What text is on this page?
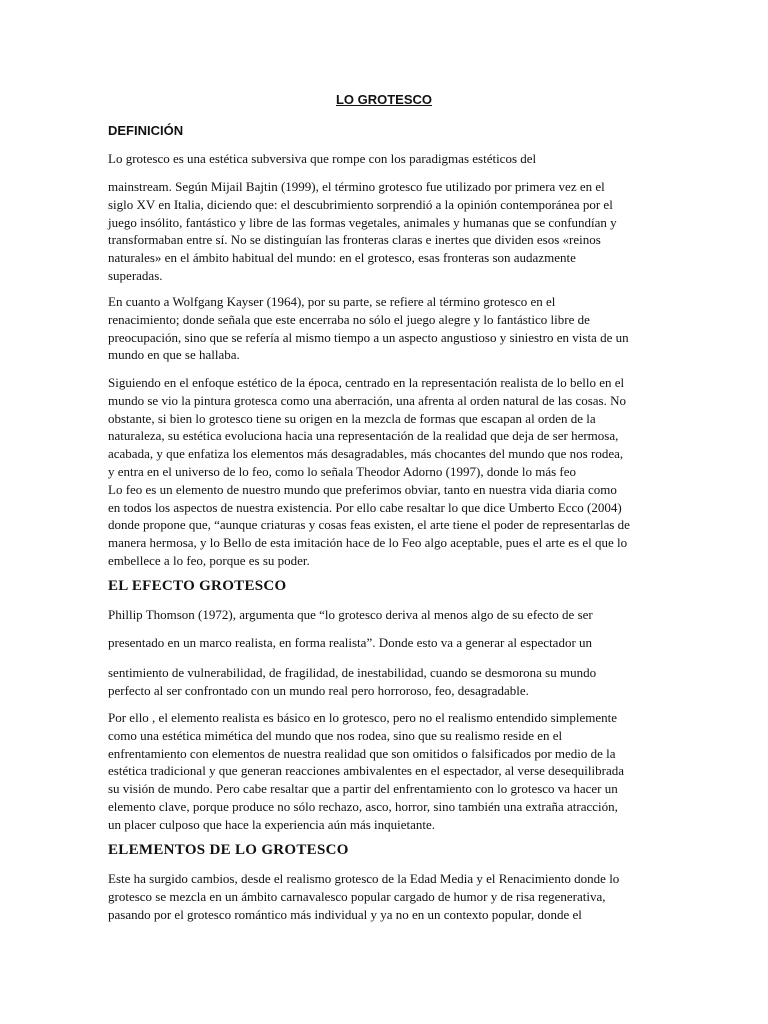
LO GROTESCO
DEFINICIÓN

Lo grotesco es una estética subversiva que rompe con los paradigmas estéticos del

mainstream. Según Mijail Bajtin (1999), el término grotesco fue utilizado por primera vez en el
siglo XV en Italia, diciendo que: el descubrimiento sorprendió a la opinión contemporánea por el
juego insólito, fantástico y libre de las formas vegetales, animales y humanas que se confundían y
transformaban entre sí. No se distinguían las fronteras claras e inertes que dividen esos «reinos
naturales» en el ámbito habitual del mundo: en el grotesco, esas fronteras son audazmente
superadas.

En cuanto a Wolfgang Kayser (1964), por su parte, se refiere al término grotesco en el
renacimiento; donde señala que este encerraba no sólo el juego alegre y lo fantástico libre de
preocupación, sino que se refería al mismo tiempo a un aspecto angustioso y siniestro en vista de un
mundo en que se hallaba.

Siguiendo en el enfoque estético de la época, centrado en la representación realista de lo bello en el
mundo se vio la pintura grotesca como una aberración, una afrenta al orden natural de las cosas. No
obstante, si bien lo grotesco tiene su origen en la mezcla de formas que escapan al orden de la
naturaleza, su estética evoluciona hacia una representación de la realidad que deja de ser hermosa,
acabada, y que enfatiza los elementos más desagradables, más chocantes del mundo que nos rodea,
y entra en el universo de lo feo, como lo señala Theodor Adorno (1997), donde lo más feo
Lo feo es un elemento de nuestro mundo que preferimos obviar, tanto en nuestra vida diaria como
en todos los aspectos de nuestra existencia. Por ello cabe resaltar lo que dice Umberto Ecco (2004)
donde propone que, “aunque criaturas y cosas feas existen, el arte tiene el poder de representarlas de
manera hermosa, y lo Bello de esta imitación hace de lo Feo algo aceptable, pues el arte es el que lo
embellece a lo feo, porque es su poder.

EL EFECTO GROTESCO

Phillip Thomson (1972), argumenta que “lo grotesco deriva al menos algo de su efecto de ser

presentado en un marco realista, en forma realista”. Donde esto va a generar al espectador un

sentimiento de vulnerabilidad, de fragilidad, de inestabilidad, cuando se desmorona su mundo
perfecto al ser confrontado con un mundo real pero horroroso, feo, desagradable.

Por ello , el elemento realista es básico en lo grotesco, pero no el realismo entendido simplemente
como una estética mimética del mundo que nos rodea, sino que su realismo reside en el
enfrentamiento con elementos de nuestra realidad que son omitidos o falsificados por medio de la
estética tradicional y que generan reacciones ambivalentes en el espectador, al verse desequilibrada
su visión de mundo. Pero cabe resaltar que a partir del enfrentamiento con lo grotesco va hacer un
elemento clave, porque produce no sólo rechazo, asco, horror, sino también una extraña atracción,
un placer culposo que hace la experiencia aún más inquietante.

ELEMENTOS DE LO GROTESCO

Este ha surgido cambios, desde el realismo grotesco de la Edad Media y el Renacimiento donde lo
grotesco se mezcla en un ámbito carnavalesco popular cargado de humor y de risa regenerativa,
pasando por el grotesco romántico más individual y ya no en un contexto popular, donde el
